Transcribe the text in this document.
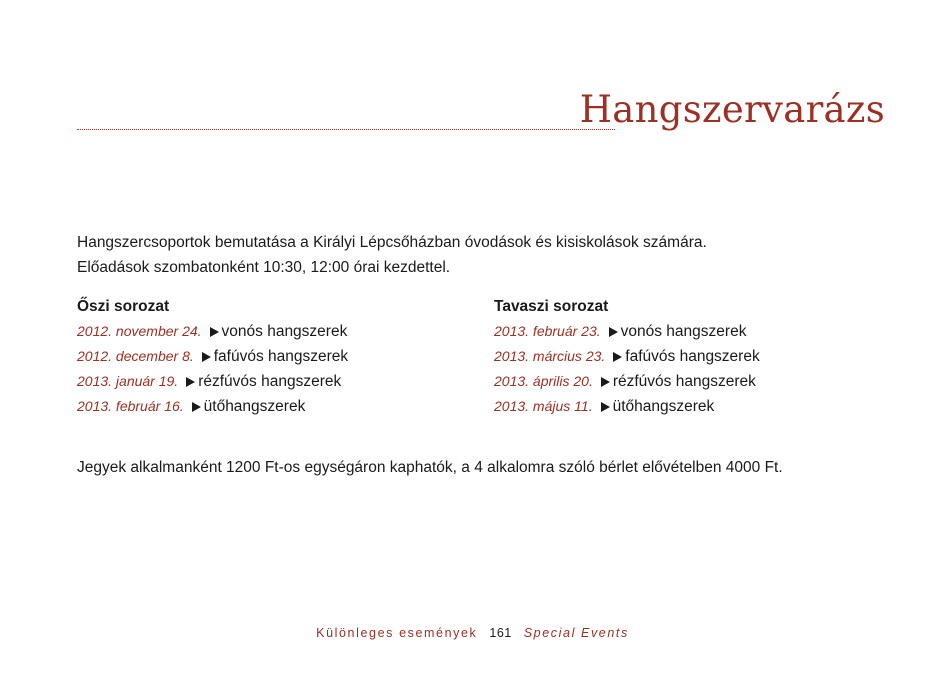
Hangszervarázs
Hangszercsoportok bemutatása a Királyi Lépcsőházban óvodások és kisiskolások számára.
Előadások szombatonként 10:30, 12:00 órai kezdettel.
Őszi sorozat
2012. november 24. vonós hangszerek
2012. december 8. fafúvós hangszerek
2013. január 19. rézfúvós hangszerek
2013. február 16. ütőhangszerek
Tavaszi sorozat
2013. február 23. vonós hangszerek
2013. március 23. fafúvós hangszerek
2013. április 20. rézfúvós hangszerek
2013. május 11. ütőhangszerek
Jegyek alkalmanként 1200 Ft-os egységáron kaphatók, a 4 alkalomra szóló bérlet elővételben 4000 Ft.
Különleges események 161 Special Events
